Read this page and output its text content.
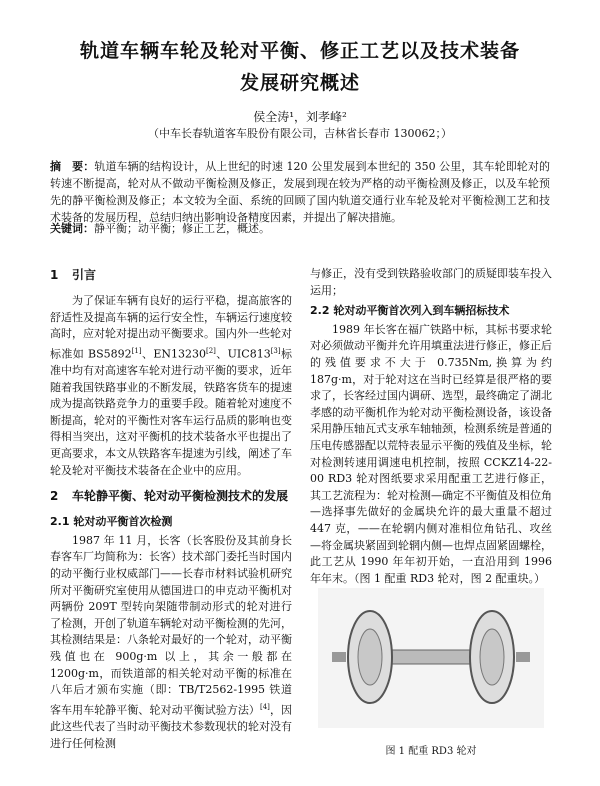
轨道车辆车轮及轮对平衡、修正工艺以及技术装备
发展研究概述
侯全涛¹，刘孝峰²
（中车长春轨道客车股份有限公司，吉林省长春市 130062；）
摘　要：轨道车辆的结构设计，从上世纪的时速 120 公里发展到本世纪的 350 公里，其车轮即轮对的转速不断提高，轮对从不做动平衡检测及修正，发展到现在较为严格的动平衡检测及修正，以及车轮预先的静平衡检测及修正；本文较为全面、系统的回顾了国内轨道交通行业车轮及轮对平衡检测工艺和技术装备的发展历程，总结归纳出影响设备精度因素，并提出了解决措施。
关键词：静平衡；动平衡；修正工艺，概述。
1 引言

为了保证车辆有良好的运行平稳，提高旅客的舒适性及提高车辆的运行安全性，车辆运行速度较高时，应对轮对提出动平衡要求。国内外一些轮对标准如 BS5892[1]、EN13230[2]、UIC813[3]标准中均有对高速客车轮对进行动平衡的要求，近年随着我国铁路事业的不断发展，铁路客货车的提速成为提高铁路竞争力的重要手段。随着轮对速度不断提高，轮对的平衡性对客车运行品质的影响也变得相当突出，这对平衡机的技术装备水平也提出了更高要求，本文从铁路客车提速为引线，阐述了车轮及轮对平衡技术装备在企业中的应用。

2 车轮静平衡、轮对动平衡检测技术的发展
2.1 轮对动平衡首次检测

1987 年 11 月，长客（长客股份及其前身长春客车厂均简称为：长客）技术部门委托当时国内的动平衡行业权威部门——长春市材料试验机研究所对平衡研究室使用从德国进口的申克动平衡机对两辆份 209T 型转向架随带制动形式的轮对进行了检测，开创了轨道车辆轮对动平衡检测的先河，其检测结果是：八条轮对最好的一个轮对，动平衡残值也在 900g·m 以上，其余一般都在 1200g·m，而铁道部的相关轮对动平衡的标准在八年后才颁布实施（即：TB/T2562-1995 铁道客车用车轮静平衡、轮对动平衡试验方法）[4]，因此这些代表了当时动平衡技术参数现状的轮对没有进行任何检测

与修正，没有受到铁路验收部门的质疑即装车投入运用；

2.2 轮对动平衡首次列入到车辆招标技术

1989 年长客在福广铁路中标，其标书要求轮对必须做动平衡并允许用填重法进行修正，修正后的残值要求不大于 0.735Nm,换算为约 187g·m，对于轮对这在当时已经算是很严格的要求了，长客经过国内调研、选型，最终确定了湖北孝感的动平衡机作为轮对动平衡检测设备，该设备采用静压轴瓦式支承车轴轴颈，检测系统是普通的压电传感器配以荒特表显示平衡的残值及坐标，轮对检测转速用调速电机控制，按照 CCKZ14-22-00 RD3 轮对图纸要求采用配重工艺进行修正，其工艺流程为：轮对检测—确定不平衡值及相位角—选择事先做好的金属块允许的最大重量不超过 447 克，——在轮辋内侧对准相位角钻孔、攻丝—将金属块紧固到轮辋内侧—也焊点固紧固螺栓，此工艺从 1990 年年初开始，一直沿用到 1996 年年末。（图 1 配重 RD3 轮对，图 2 配重块。）

图 1 配重 RD3 轮对
